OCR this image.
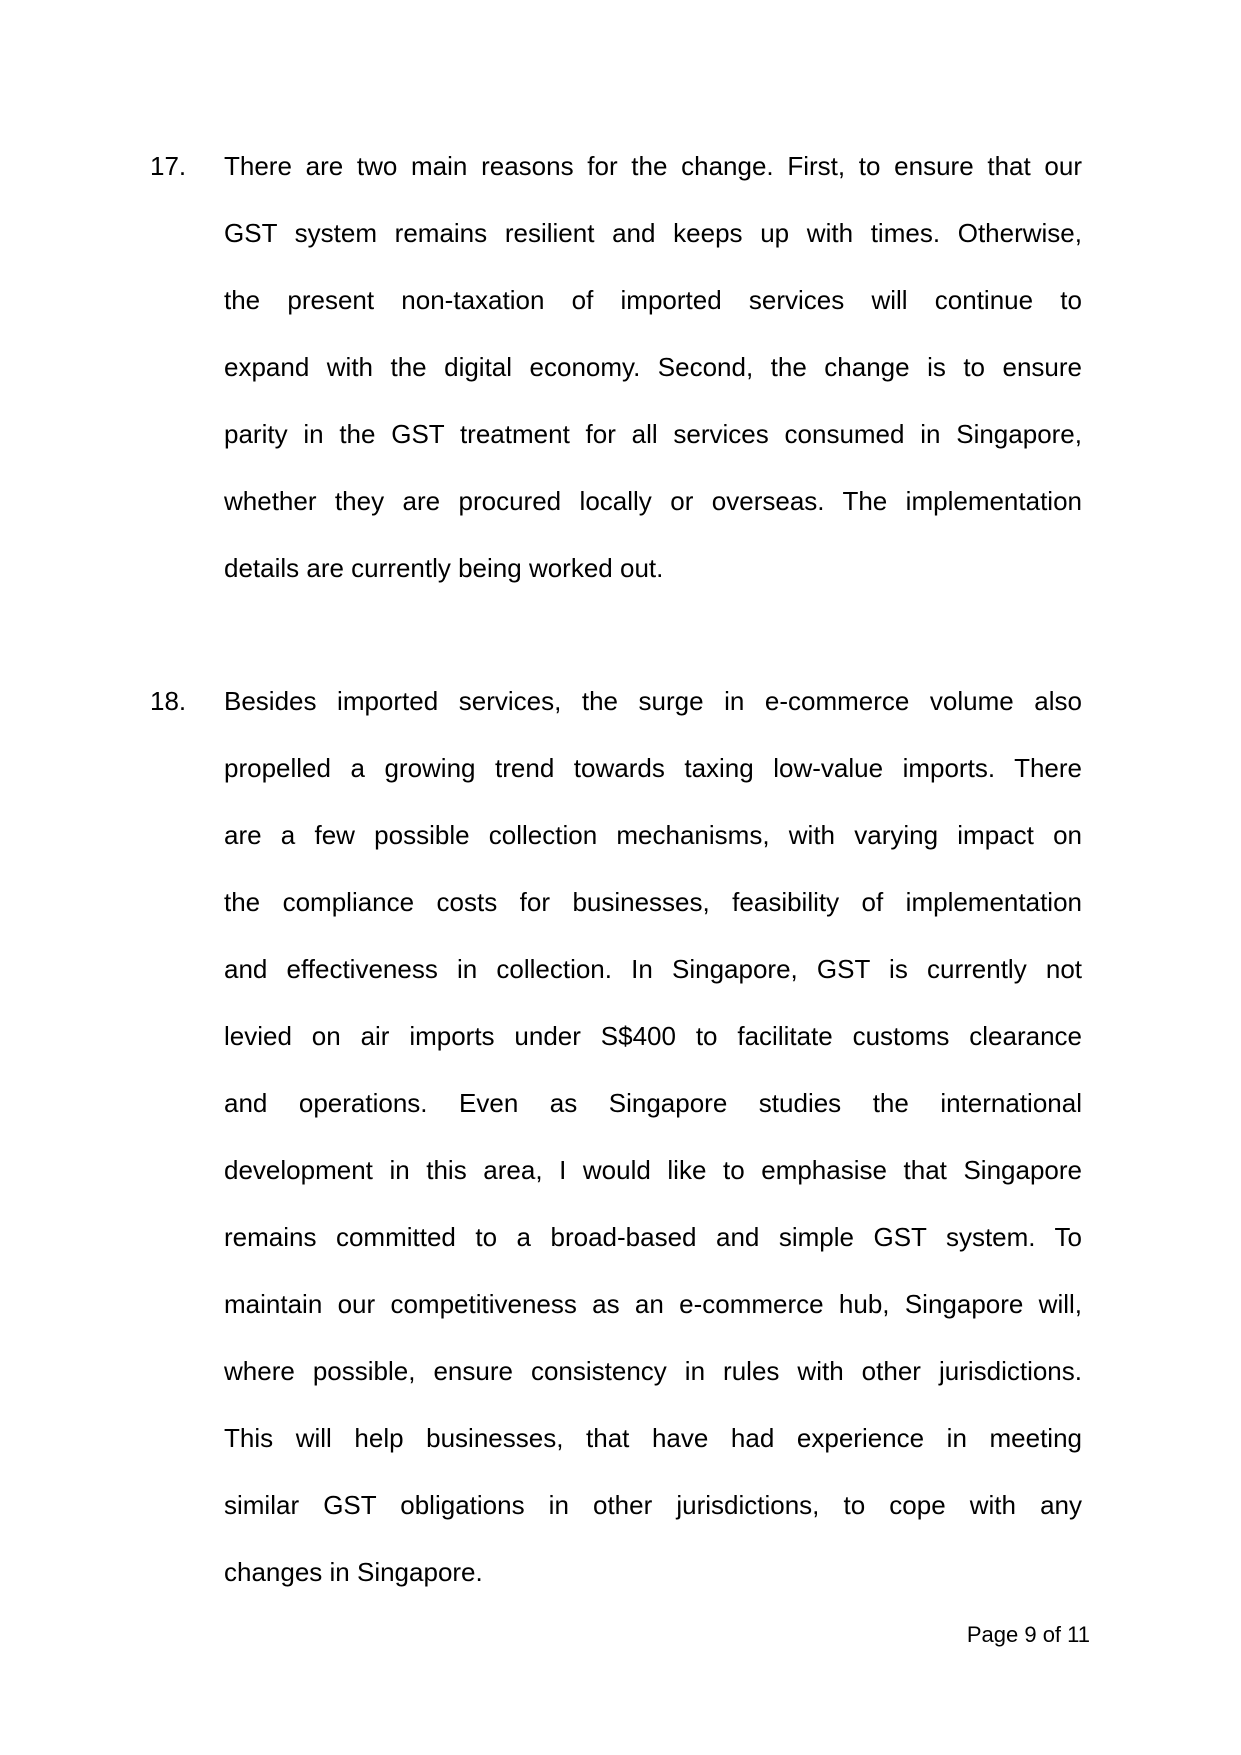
17. There are two main reasons for the change. First, to ensure that our
GST system remains resilient and keeps up with times. Otherwise,
the present non-taxation of imported services will continue to
expand with the digital economy. Second, the change is to ensure
parity in the GST treatment for all services consumed in Singapore,
whether they are procured locally or overseas. The implementation
details are currently being worked out.
18. Besides imported services, the surge in e-commerce volume also
propelled a growing trend towards taxing low-value imports. There
are a few possible collection mechanisms, with varying impact on
the compliance costs for businesses, feasibility of implementation
and effectiveness in collection. In Singapore, GST is currently not
levied on air imports under S$400 to facilitate customs clearance
and operations. Even as Singapore studies the international
development in this area, I would like to emphasise that Singapore
remains committed to a broad-based and simple GST system. To
maintain our competitiveness as an e-commerce hub, Singapore will,
where possible, ensure consistency in rules with other jurisdictions.
This will help businesses, that have had experience in meeting
similar GST obligations in other jurisdictions, to cope with any
changes in Singapore.
Page 9 of 11
